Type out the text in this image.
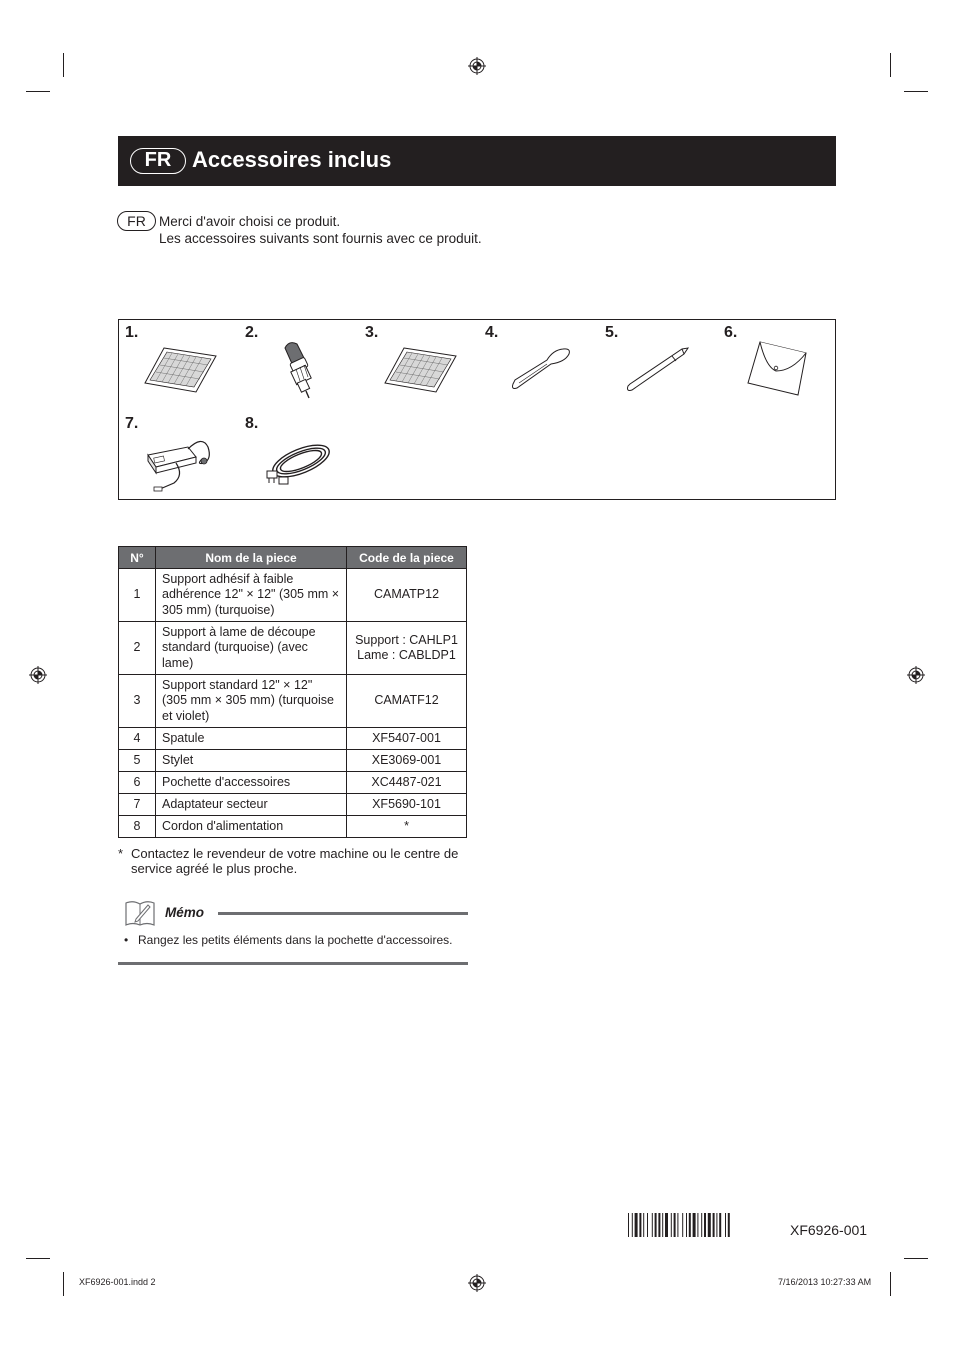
FR Accessoires inclus
FR Merci d'avoir choisi ce produit.
Les accessoires suivants sont fournis avec ce produit.
1.	2.	3.	4.	5.	6.
7.	8.
N°	Nom de la piece	Code de la piece
1	Support adhésif à faible adhérence 12" × 12" (305 mm × 305 mm) (turquoise)	CAMATP12
2	Support à lame de découpe standard (turquoise) (avec lame)	Support : CAHLP1
Lame : CABLDP1
3	Support standard 12" × 12" (305 mm × 305 mm) (turquoise et violet)	CAMATF12
4	Spatule	XF5407-001
5	Stylet	XE3069-001
6	Pochette d'accessoires	XC4487-021
7	Adaptateur secteur	XF5690-101
8	Cordon d'alimentation	*
* Contactez le revendeur de votre machine ou le centre de
service agréé le plus proche.
Mémo
• Rangez les petits éléments dans la pochette d'accessoires.
XF6926-001
XF6926-001.indd 2	7/16/2013 10:27:33 AM
